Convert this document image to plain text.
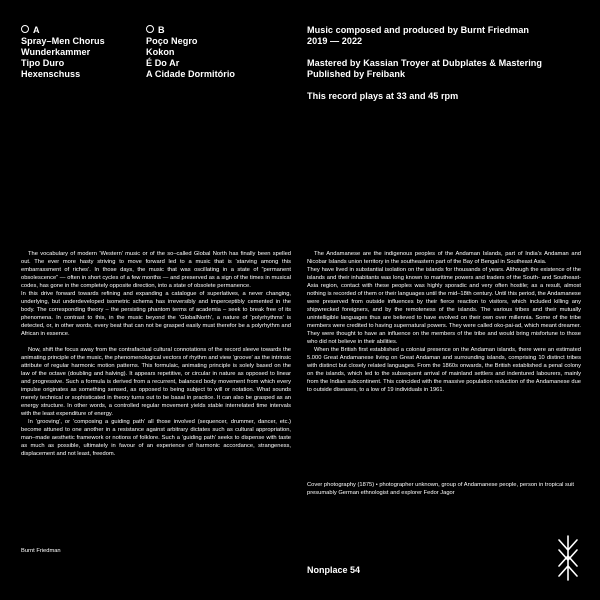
A
Spray–Men Chorus
Wunderkammer
Tipo Duro
Hexenschuss
B
Poço Negro
Kokon
É Do Ar
A Cidade Dormitório
Music composed and produced by Burnt Friedman
2019 — 2022
Mastered by Kassian Troyer at Dubplates & Mastering
Published by Freibank
This record plays at 33 and 45 rpm

The vocabulary of modern ‘Western’ music or of the so–called Global North has finally been spelled out. The ever more hasty striving to move forward led to a music that is ‘starving among this embarrassment of riches’. In those days, the music that was oscillating in a state of “permanent obsolescence” — often in short cycles of a few months — and preserved as a sign of the times in musical codes, has gone in the completely opposite direction, into a state of obsolete permanence.

In this drive forward towards refining and expanding a catalogue of superlatives, a never changing, underlying, but underdeveloped isometric schema has irreversibly and imperceptibly cemented in the body. The corresponding theory – the persisting phantom terms of academia – seek to break free of its phenomena. In contrast to this, in the music beyond the ‘GlobalNorth’, a nature of ‘polyrhythms’ is detected, or, in other words, every beat that can not be grasped easily must therefor be a polyrhythm and African in essence.

Now, shift the focus away from the contrafactual cultural connotations of the record sleeve towards the animating principle of the music, the phenomenological vectors of rhythm and view ‘groove’ as the intrinsic attribute of regular harmonic motion patterns. This formulaic, animating principle is solely based on the law of the octave (doubling and halving). It appears repetitive, or circular in nature as opposed to linear and progressive. Such a formula is derived from a recurrent, balanced body movement from which every impulse originates as something sensed, as opposed to being subject to will or notation. What sounds merely technical or sophisticated in theory turns out to be basal in practice. It can also be grasped as an energy structure. In other words, a controlled regular movement yields stable interrelated time intervals with the least expenditure of energy.

In ‘grooving’, or ‘composing a guiding path’ all those involved (sequencer, drummer, dancer, etc.) become attuned to one another in a resistance against arbitrary dictates such as cultural appropriation, man–made aesthetic framework or notions of folklore. Such a ‘guiding path’ seeks to dispense with taste as much as possible, ultimately in favour of an experience of harmonic accordance, strangeness, displacement and not least, freedom.

Burnt Friedman

The Andamanese are the indigenous peoples of the Andaman Islands, part of India’s Andaman and Nicobar Islands union territory in the southeastern part of the Bay of Bengal in Southeast Asia.

They have lived in substantial isolation on the islands for thousands of years. Although the existence of the islands and their inhabitants was long known to maritime powers and traders of the South- and Southeast-Asia region, contact with these peoples was highly sporadic and very often hostile; as a result, almost nothing is recorded of them or their languages until the mid–18th century. Until this period, the Andamanese were preserved from outside influences by their fierce reaction to visitors, which included killing any shipwrecked foreigners, and by the remoteness of the islands. The various tribes and their mutually unintelligible languages thus are believed to have evolved on their own over millennia. Some of the tribe members were credited to having supernatural powers. They were called oko-pai-ad, which meant dreamer. They were thought to have an influence on the members of the tribe and would bring misfortune to those who did not believe in their abilities.

When the British first established a colonial presence on the Andaman islands, there were an estimated 5.000 Great Andamanese living on Great Andaman and surrounding islands, comprising 10 distinct tribes with distinct but closely related languages. From the 1860s onwards, the British established a penal colony on the islands, which led to the subsequent arrival of mainland settlers and indentured labourers, mainly from the Indian subcontinent. This coincided with the massive population reduction of the Andamanese due to outside diseases, to a low of 19 individuals in 1961.

Cover photography (1875) • photographer unknown, group of Andamanese people, person in tropical suit presumably German ethnologist and explorer Fedor Jagor
Nonplace 54
